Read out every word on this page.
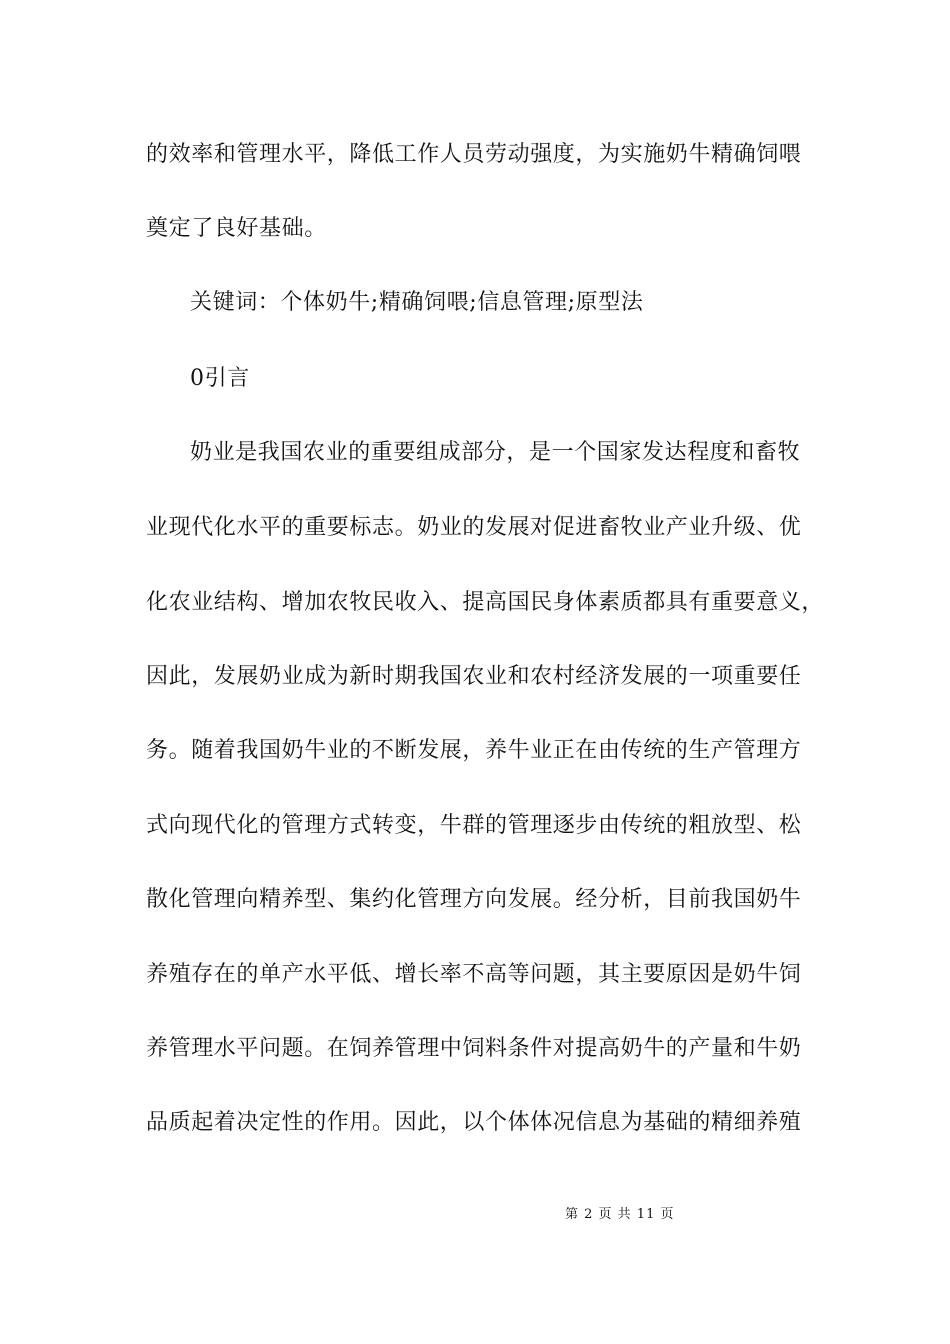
的效率和管理水平，降低工作人员劳动强度，为实施奶牛精确饲喂
奠定了良好基础。
关键词：个体奶牛;精确饲喂;信息管理;原型法
0引言
奶业是我国农业的重要组成部分，是一个国家发达程度和畜牧
业现代化水平的重要标志。奶业的发展对促进畜牧业产业升级、优
化农业结构、增加农牧民收入、提高国民身体素质都具有重要意义，
因此，发展奶业成为新时期我国农业和农村经济发展的一项重要任
务。随着我国奶牛业的不断发展，养牛业正在由传统的生产管理方
式向现代化的管理方式转变，牛群的管理逐步由传统的粗放型、松
散化管理向精养型、集约化管理方向发展。经分析，目前我国奶牛
养殖存在的单产水平低、增长率不高等问题，其主要原因是奶牛饲
养管理水平问题。在饲养管理中饲料条件对提高奶牛的产量和牛奶
品质起着决定性的作用。因此，以个体体况信息为基础的精细养殖
第 2 页 共 11 页
